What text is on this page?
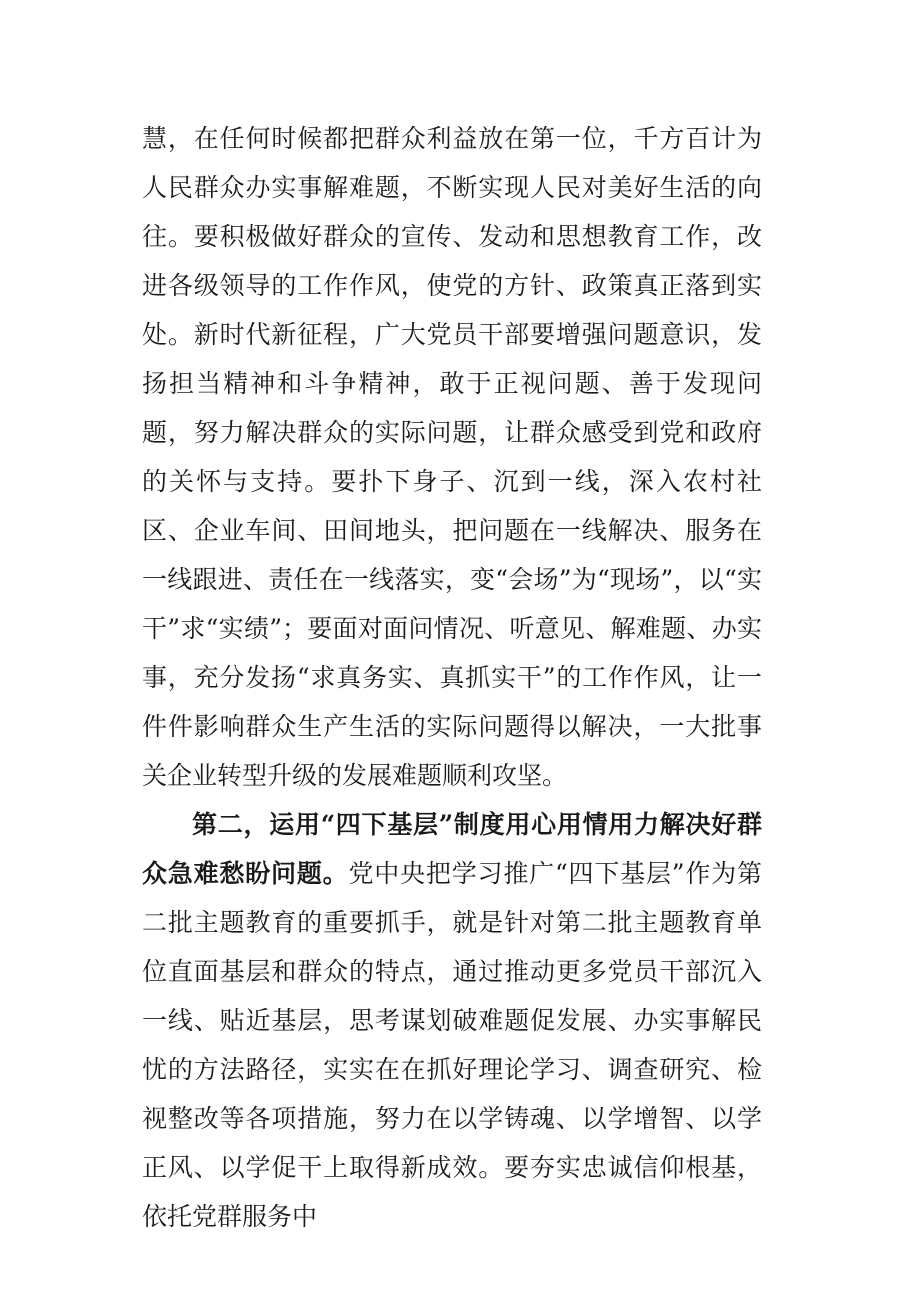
慧，在任何时候都把群众利益放在第一位，千方百计为人民群众办实事解难题，不断实现人民对美好生活的向往。要积极做好群众的宣传、发动和思想教育工作，改进各级领导的工作作风，使党的方针、政策真正落到实处。新时代新征程，广大党员干部要增强问题意识，发扬担当精神和斗争精神，敢于正视问题、善于发现问题，努力解决群众的实际问题，让群众感受到党和政府的关怀与支持。要扑下身子、沉到一线，深入农村社区、企业车间、田间地头，把问题在一线解决、服务在一线跟进、责任在一线落实，变“会场”为“现场”，以“实干”求“实绩”；要面对面问情况、听意见、解难题、办实事，充分发扬“求真务实、真抓实干”的工作作风，让一件件影响群众生产生活的实际问题得以解决，一大批事关企业转型升级的发展难题顺利攻坚。

第二，运用“四下基层”制度用心用情用力解决好群众急难愁盼问题。党中央把学习推广“四下基层”作为第二批主题教育的重要抓手，就是针对第二批主题教育单位直面基层和群众的特点，通过推动更多党员干部沉入一线、贴近基层，思考谋划破难题促发展、办实事解民忧的方法路径，实实在在抓好理论学习、调查研究、检视整改等各项措施，努力在以学铸魂、以学增智、以学正风、以学促干上取得新成效。要夯实忠诚信仰根基，依托党群服务中
